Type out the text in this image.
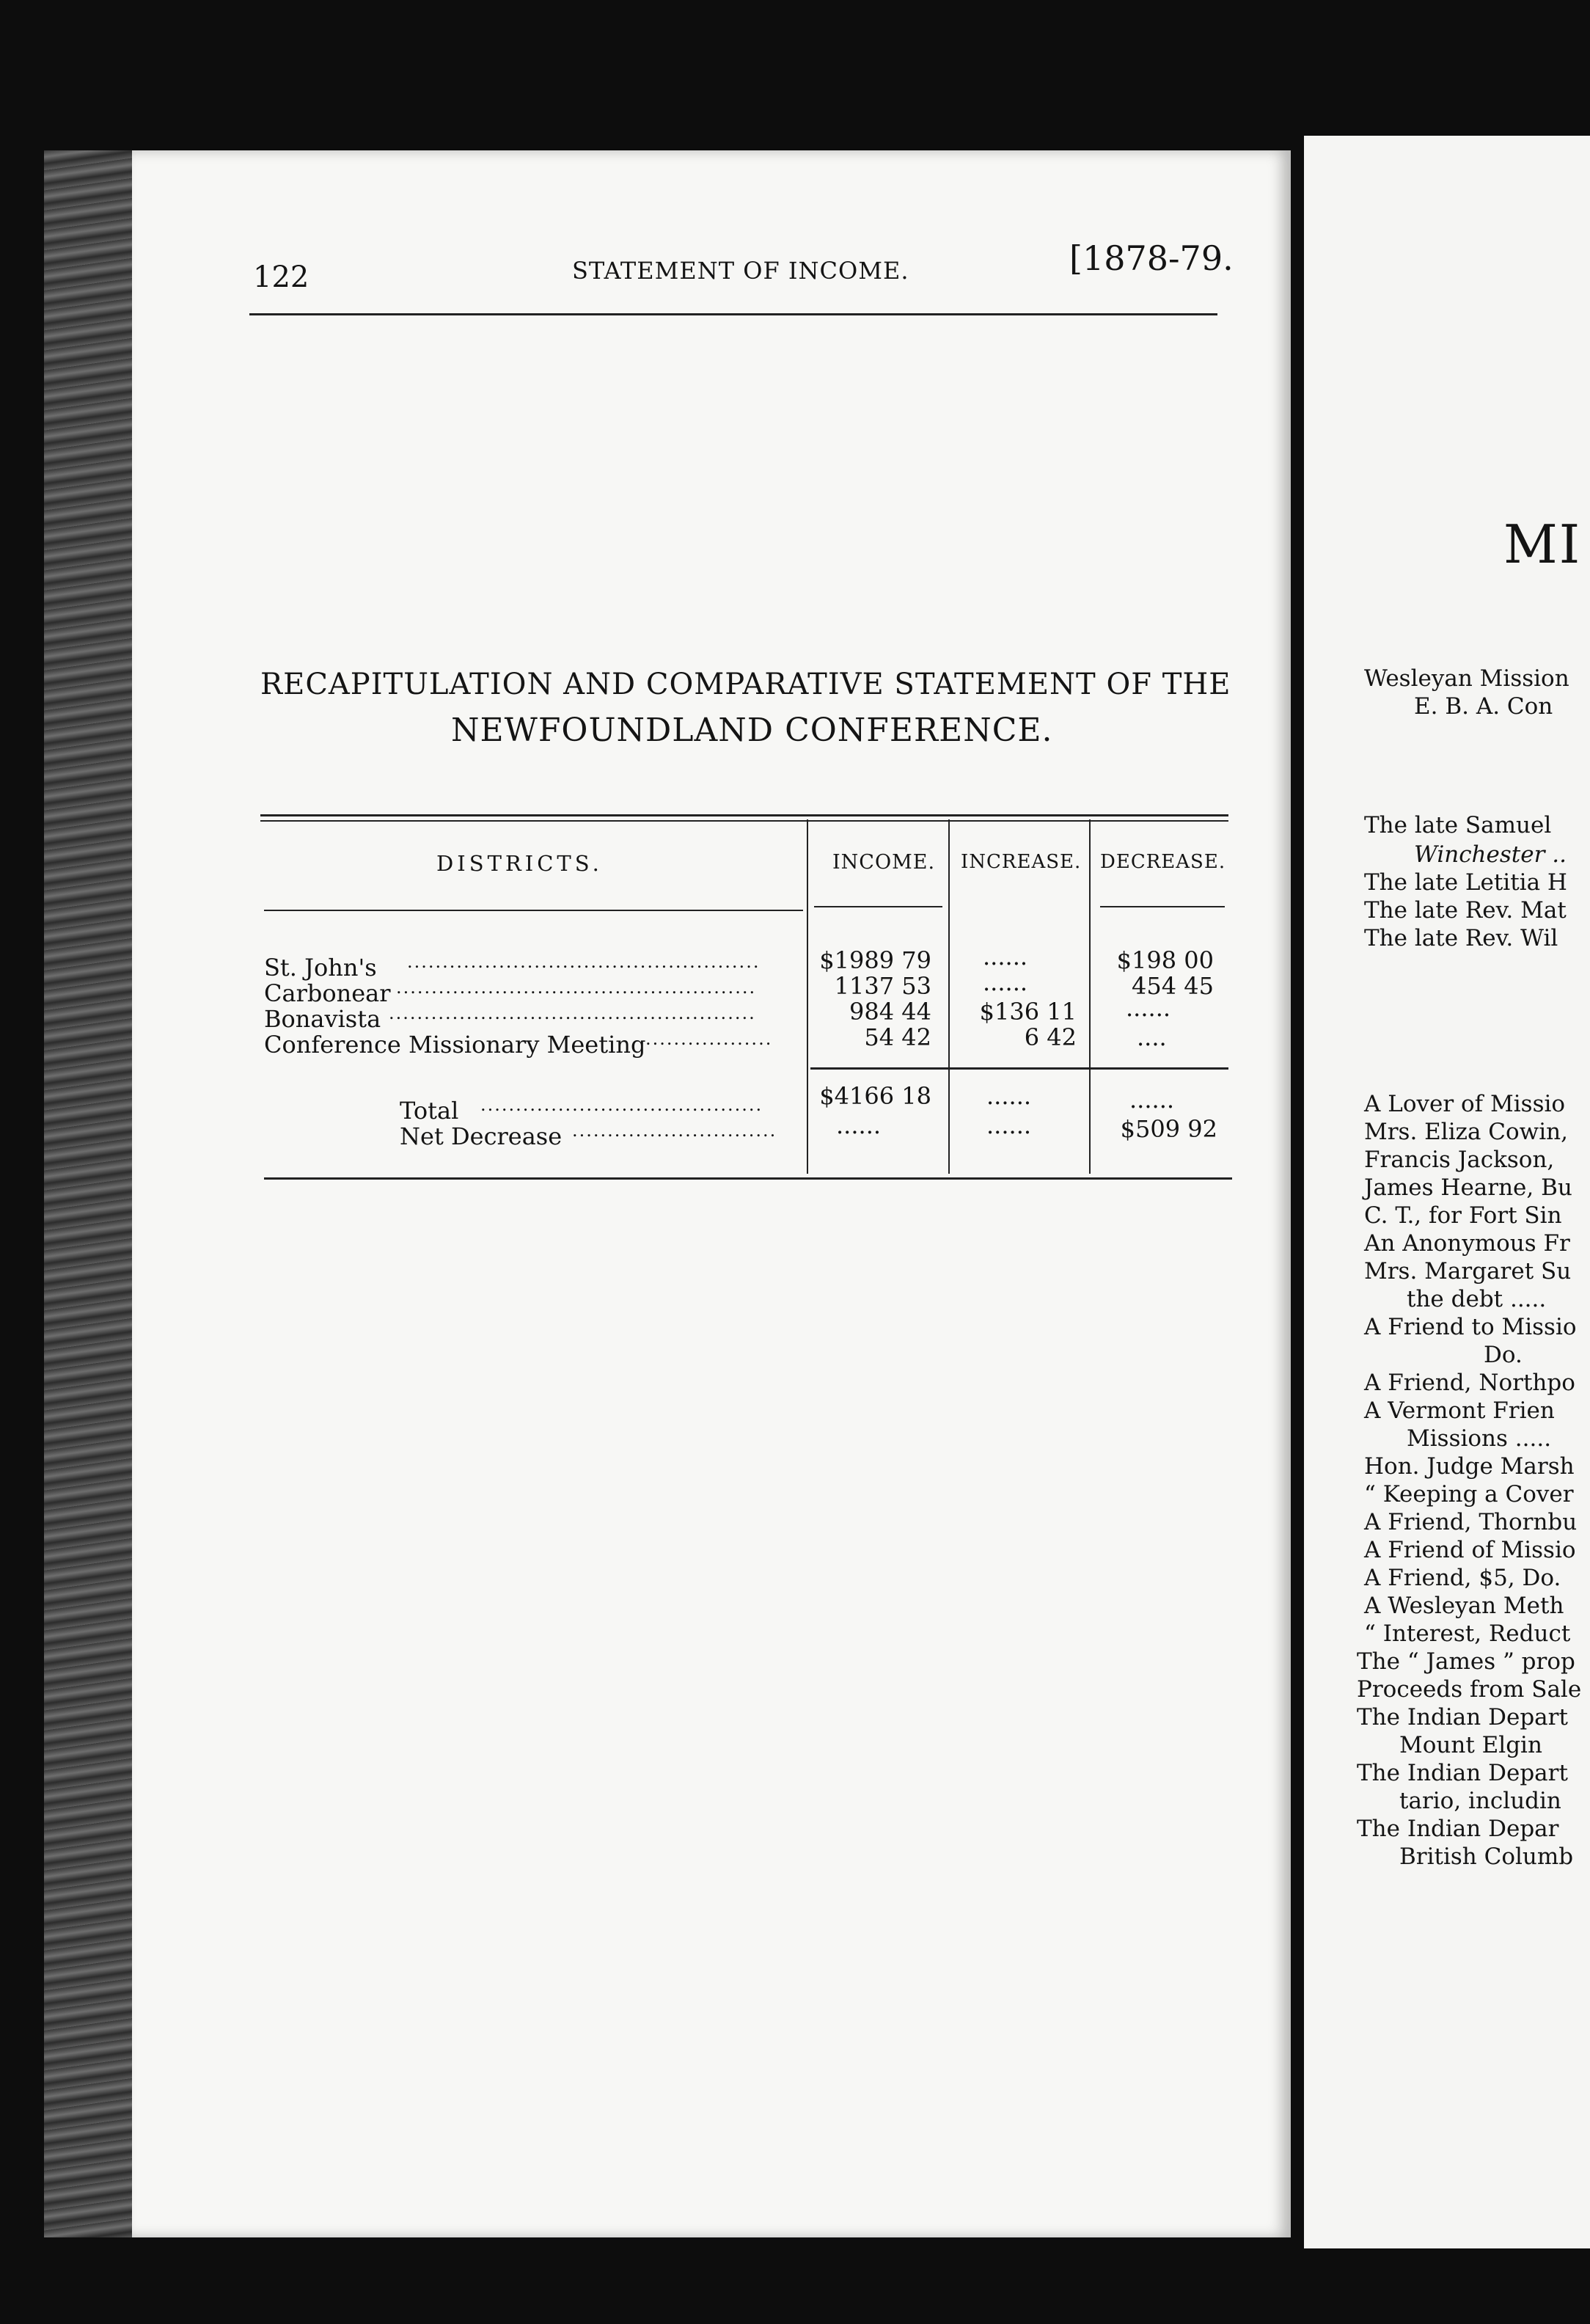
122	STATEMENT OF INCOME.	[1878-79.
RECAPITULATION AND COMPARATIVE STATEMENT OF THE
NEWFOUNDLAND CONFERENCE.
DISTRICTS.	INCOME. INCREASE. DECREASE.
St. John's ..................................................	$1989 79 ......	$198 00
Carbonear ...................................................	1137 53 ......	454 45
Bonavista ....................................................	984 44	$136 11 ......
Conference Missionary Meeting ..................	54 42	6 42	....
Total ........................................	$4166 18 ......	......
Net Decrease .............................	......	......	$509 92
MI
Wesleyan Mission
E. B. A. Con
The late Samuel
Winchester ..
The late Letitia H
The late Rev. Mat
The late Rev. Wil
A Lover of Missio
Mrs. Eliza Cowin,
Francis Jackson,
James Hearne, Bu
C. T., for Fort Sin
An Anonymous Fr
Mrs. Margaret Su
the debt .....
A Friend to Missio
Do.
A Friend, Northpo
A Vermont Frien
Missions .....
Hon. Judge Marsh
“ Keeping a Cover
A Friend, Thornbu
A Friend of Missio
A Friend, $5, Do.
A Wesleyan Meth
“ Interest, Reduct
The “ James ” prop
Proceeds from Sale
The Indian Depart
Mount Elgin
The Indian Depart
tario, includin
The Indian Depar
British Columb
